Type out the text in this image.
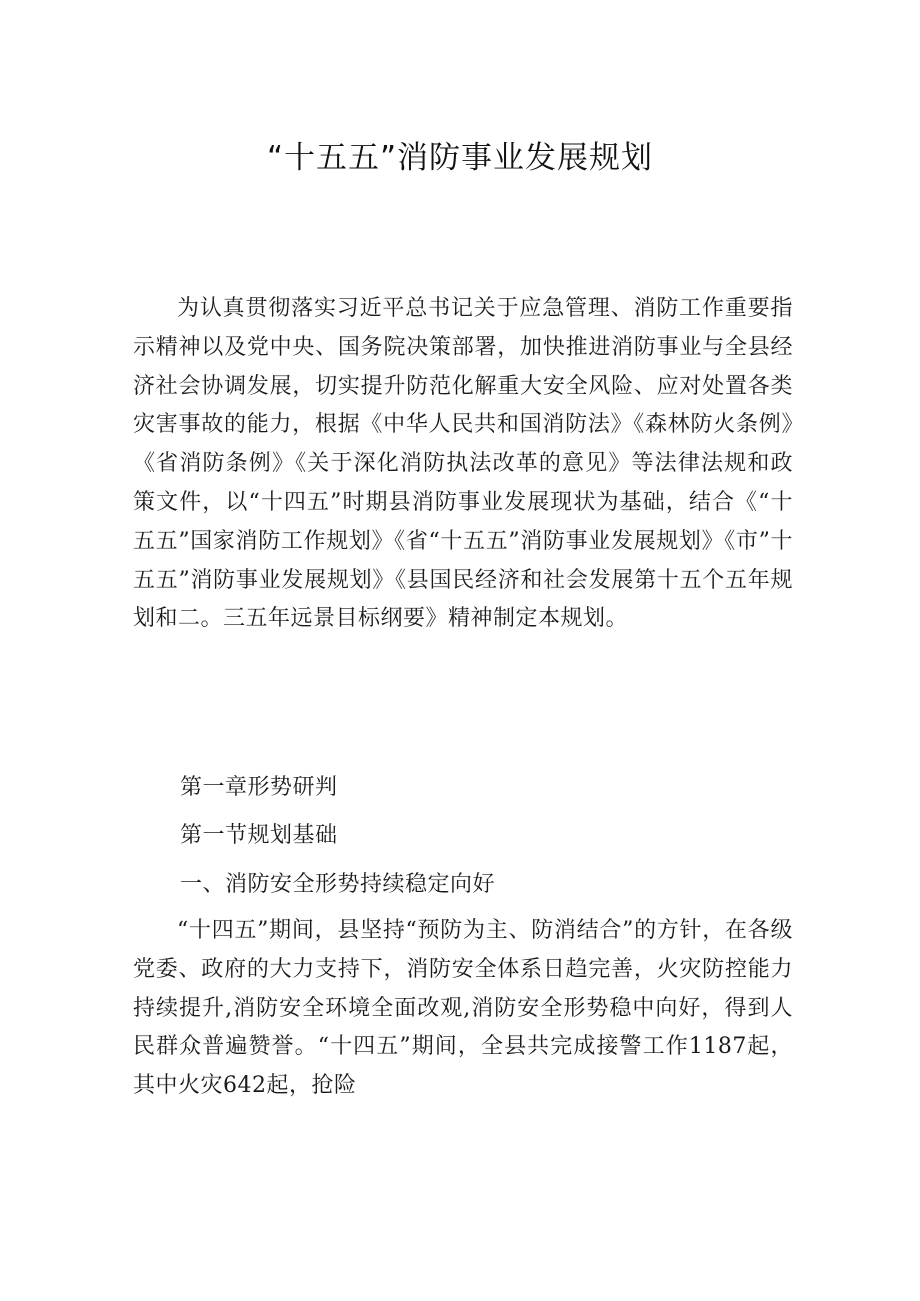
“十五五”消防事业发展规划

为认真贯彻落实习近平总书记关于应急管理、消防工作重要指示精神以及党中央、国务院决策部署，加快推进消防事业与全县经济社会协调发展，切实提升防范化解重大安全风险、应对处置各类灾害事故的能力，根据《中华人民共和国消防法》《森林防火条例》《省消防条例》《关于深化消防执法改革的意见》等法律法规和政策文件，以“十四五”时期县消防事业发展现状为基础，结合《“十五五”国家消防工作规划》《省“十五五”消防事业发展规划》《市”十五五”消防事业发展规划》《县国民经济和社会发展第十五个五年规划和二。三五年远景目标纲要》精神制定本规划。

第一章形势研判

第一节规划基础

一、消防安全形势持续稳定向好

“十四五”期间，县坚持“预防为主、防消结合”的方针，在各级党委、政府的大力支持下，消防安全体系日趋完善，火灾防控能力持续提升,消防安全环境全面改观,消防安全形势稳中向好，得到人民群众普遍赞誉。“十四五”期间，全县共完成接警工作1187起，其中火灾642起，抢险
